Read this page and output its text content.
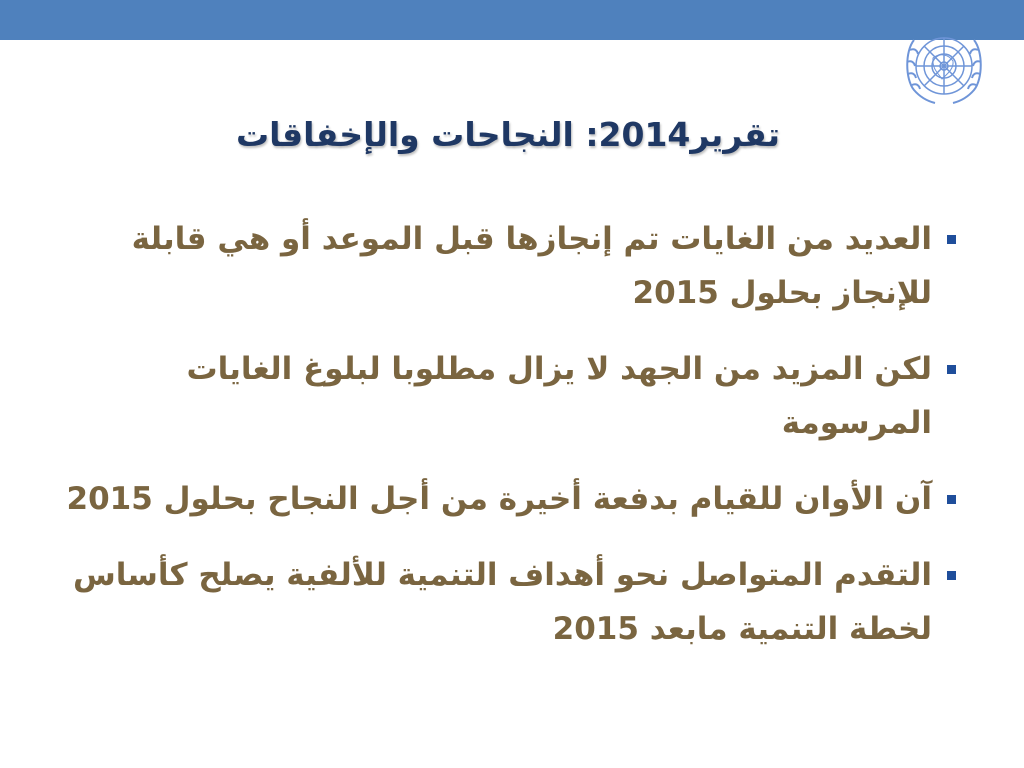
تقرير2014: النجاحات والإخفاقات
العديد من الغايات تم إنجازها قبل الموعد أو هي قابلة للإنجاز بحلول 2015
لكن المزيد من الجهد لا يزال مطلوبا لبلوغ الغايات المرسومة
آن الأوان للقيام بدفعة أخيرة من أجل النجاح بحلول 2015
التقدم المتواصل نحو أهداف التنمية للألفية يصلح كأساس لخطة التنمية مابعد 2015
